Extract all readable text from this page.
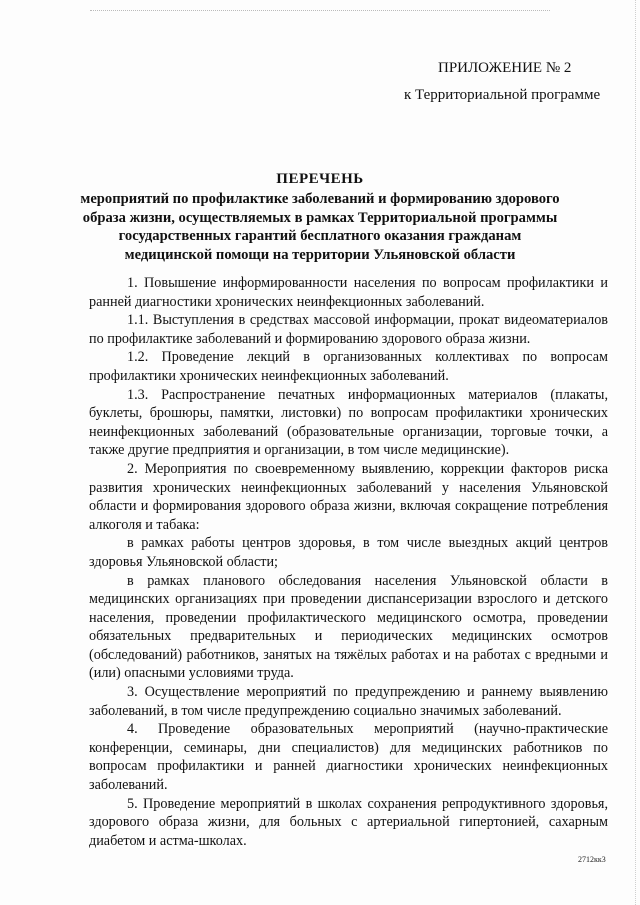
ПРИЛОЖЕНИЕ № 2
к Территориальной программе
ПЕРЕЧЕНЬ
мероприятий по профилактике заболеваний и формированию здорового образа жизни, осуществляемых в рамках Территориальной программы государственных гарантий бесплатного оказания гражданам медицинской помощи на территории Ульяновской области

1. Повышение информированности населения по вопросам профилактики и ранней диагностики хронических неинфекционных заболеваний.

1.1. Выступления в средствах массовой информации, прокат видеоматериалов по профилактике заболеваний и формированию здорового образа жизни.

1.2. Проведение лекций в организованных коллективах по вопросам профилактики хронических неинфекционных заболеваний.

1.3. Распространение печатных информационных материалов (плакаты, буклеты, брошюры, памятки, листовки) по вопросам профилактики хронических неинфекционных заболеваний (образовательные организации, торговые точки, а также другие предприятия и организации, в том числе медицинские).

2. Мероприятия по своевременному выявлению, коррекции факторов риска развития хронических неинфекционных заболеваний у населения Ульяновской области и формирования здорового образа жизни, включая сокращение потребления алкоголя и табака:

в рамках работы центров здоровья, в том числе выездных акций центров здоровья Ульяновской области;

в рамках планового обследования населения Ульяновской области в медицинских организациях при проведении диспансеризации взрослого и детского населения, проведении профилактического медицинского осмотра, проведении обязательных предварительных и периодических медицинских осмотров (обследований) работников, занятых на тяжёлых работах и на работах с вредными и (или) опасными условиями труда.

3. Осуществление мероприятий по предупреждению и раннему выявлению заболеваний, в том числе предупреждению социально значимых заболеваний.

4. Проведение образовательных мероприятий (научно-практические конференции, семинары, дни специалистов) для медицинских работников по вопросам профилактики и ранней диагностики хронических неинфекционных заболеваний.

5. Проведение мероприятий в школах сохранения репродуктивного здоровья, здорового образа жизни, для больных с артериальной гипертонией, сахарным диабетом и астма-школах.

2712кк3
